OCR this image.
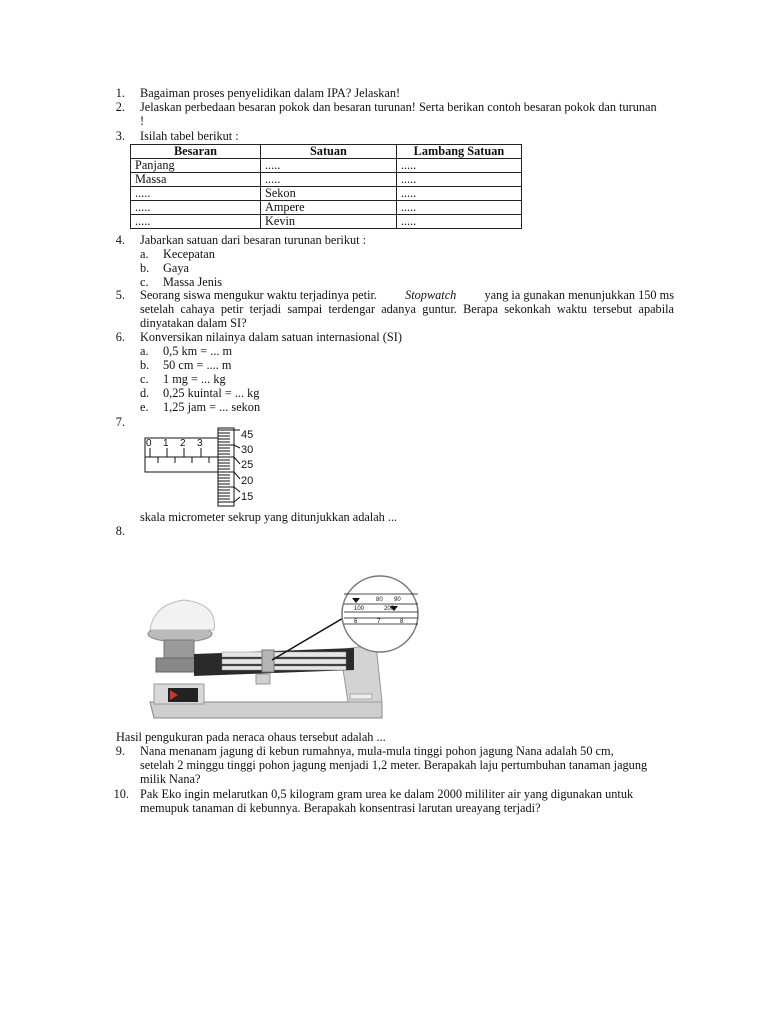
1. Bagaiman proses penyelidikan dalam IPA? Jelaskan!
2. Jelaskan perbedaan besaran pokok dan besaran turunan! Serta berikan contoh besaran pokok dan turunan
!
3. Isilah tabel berikut :
Besaran	Satuan	Lambang Satuan
Panjang	.....	.....
Massa	.....	.....
.....	Sekon	.....
.....	Ampere	.....
.....	Kevin	.....
4. Jabarkan satuan dari besaran turunan berikut :
a. Kecepatan
b. Gaya
c. Massa Jenis
5. Seorang siswa mengukur waktu terjadinya petir. Stopwatch yang ia gunakan menunjukkan 150 ms
setelah cahaya petir terjadi sampai terdengar adanya guntur. Berapa sekonkah waktu tersebut apabila
dinyatakan dalam SI?
6. Konversikan nilainya dalam satuan internasional (SI)
a. 0,5 km = ... m
b. 50 cm = .... m
c. 1 mg = ... kg
d. 0,25 kuintal = ... kg
e. 1,25 jam = ... sekon
7.
0 1 2 3
45
30
25
20
15
skala micrometer sekrup yang ditunjukkan adalah ...
8.
80 90
100	200
6	7	8
Hasil pengukuran pada neraca ohaus tersebut adalah ...
9. Nana menanam jagung di kebun rumahnya, mula-mula tinggi pohon jagung Nana adalah 50 cm,
setelah 2 minggu tinggi pohon jagung menjadi 1,2 meter. Berapakah laju pertumbuhan tanaman jagung
milik Nana?
10. Pak Eko ingin melarutkan 0,5 kilogram gram urea ke dalam 2000 mililiter air yang digunakan untuk
memupuk tanaman di kebunnya. Berapakah konsentrasi larutan ureayang terjadi?
